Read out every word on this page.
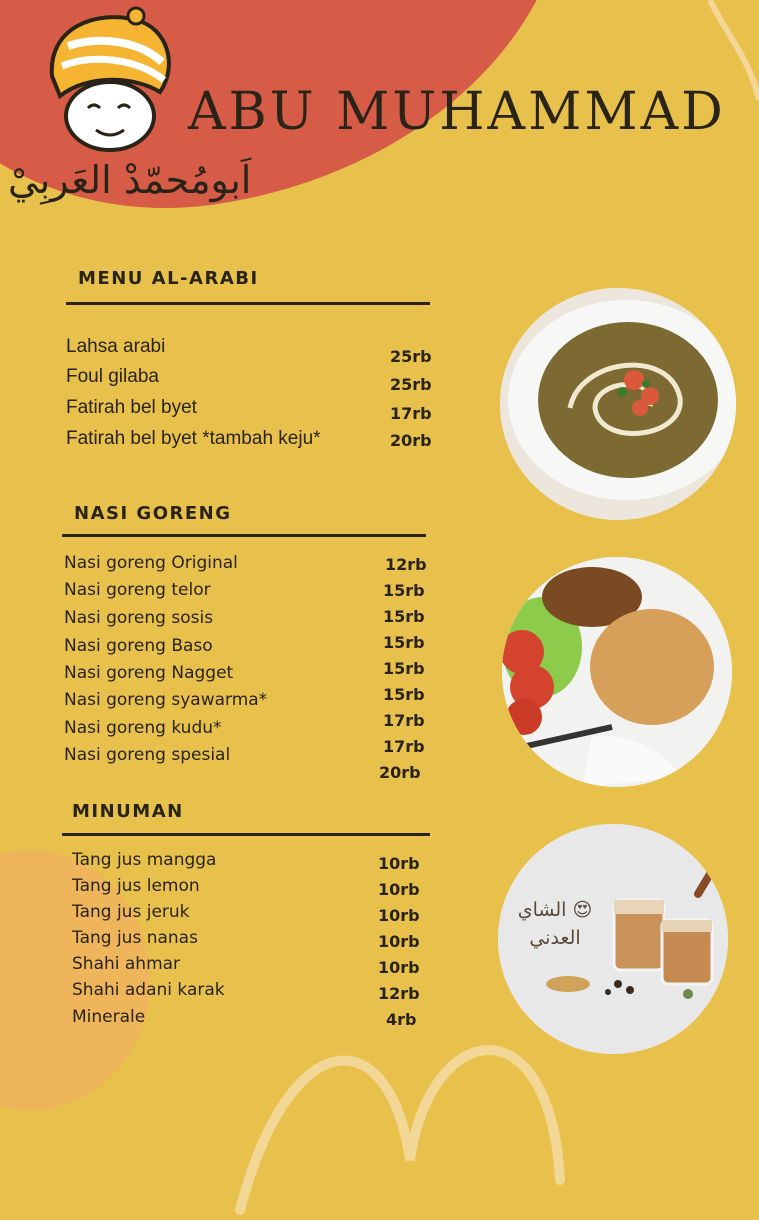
ABU MUHAMMAD
اَبومُحمّدْ العَربِيْ
MENU AL-ARABI
Lahsa arabi
Foul gilaba
Fatirah bel byet
Fatirah bel byet *tambah keju*
25rb
25rb
17rb
20rb
NASI GORENG
Nasi goreng Original
Nasi goreng telor
Nasi goreng sosis
Nasi goreng Baso
Nasi goreng Nagget
Nasi goreng syawarma*
Nasi goreng kudu*
Nasi goreng spesial
12rb
15rb
15rb
15rb
15rb
15rb
17rb
17rb
20rb
MINUMAN
Tang jus mangga
Tang jus lemon
Tang jus jeruk
Tang jus nanas
Shahi ahmar
Shahi adani karak
Minerale
10rb
10rb
10rb
10rb
10rb
12rb
4rb
الشاي 😍
العدني
